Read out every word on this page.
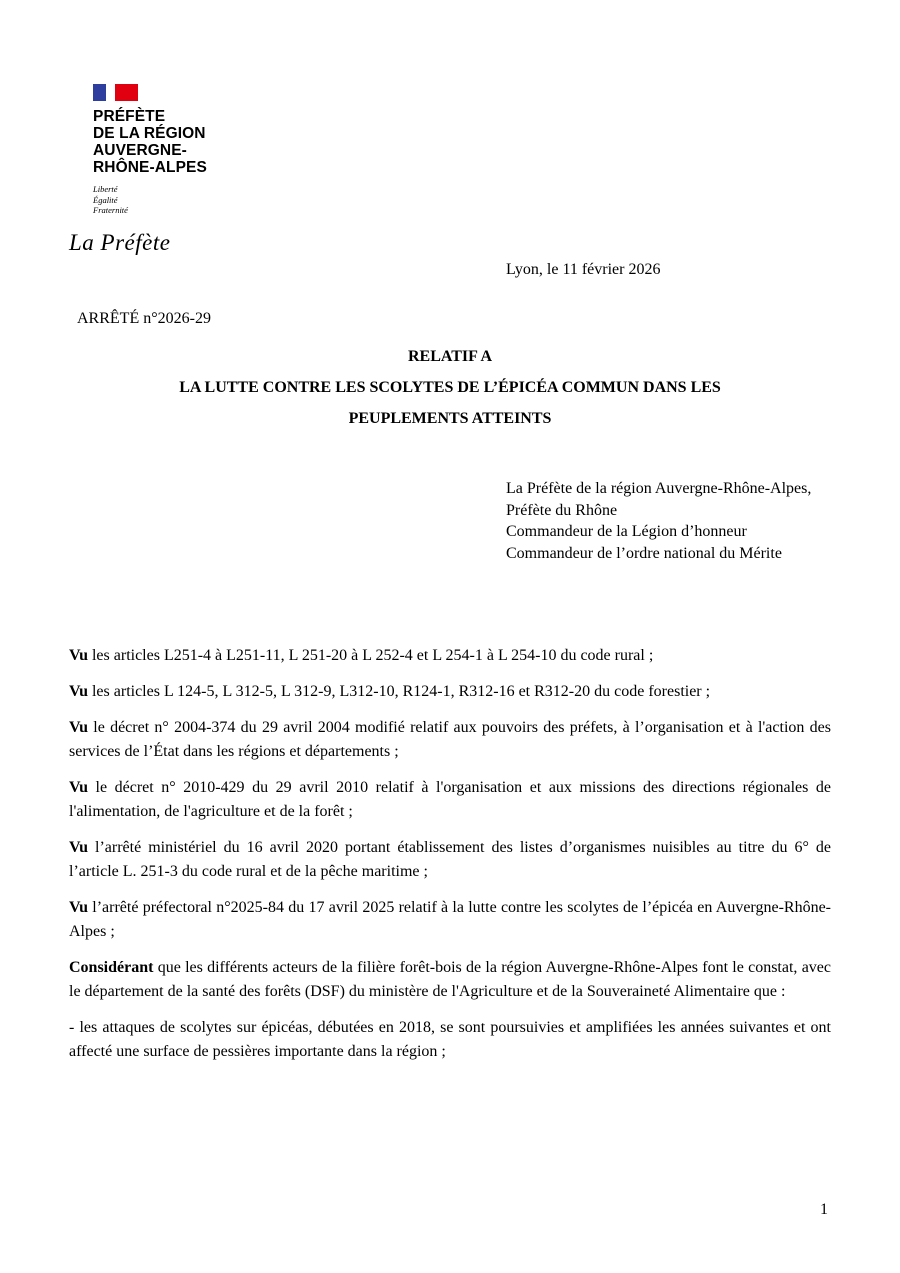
PRÉFÈTE
DE LA RÉGION
AUVERGNE-
RHÔNE-ALPES
Liberté
Égalité
Fraternité
La Préfète
Lyon, le 11 février 2026
ARRÊTÉ n°2026-29
RELATIF A
LA LUTTE CONTRE LES SCOLYTES DE L’ÉPICÉA COMMUN DANS LES
PEUPLEMENTS ATTEINTS
La Préfète de la région Auvergne-Rhône-Alpes,
Préfète du Rhône
Commandeur de la Légion d’honneur
Commandeur de l’ordre national du Mérite

Vu les articles L251-4 à L251-11, L 251-20 à L 252-4 et L 254-1 à L 254-10 du code rural ;

Vu les articles L 124-5, L 312-5, L 312-9, L312-10, R124-1, R312-16 et R312-20 du code forestier ;

Vu le décret n° 2004-374 du 29 avril 2004 modifié relatif aux pouvoirs des préfets, à l’organisation et à l'action des services de l’État dans les régions et départements ;

Vu le décret n° 2010-429 du 29 avril 2010 relatif à l'organisation et aux missions des directions régionales de l'alimentation, de l'agriculture et de la forêt ;

Vu l’arrêté ministériel du 16 avril 2020 portant établissement des listes d’organismes nuisibles au titre du 6° de l’article L. 251-3 du code rural et de la pêche maritime ;

Vu l’arrêté préfectoral n°2025-84 du 17 avril 2025 relatif à la lutte contre les scolytes de l’épicéa en Auvergne-Rhône-Alpes ;

Considérant que les différents acteurs de la filière forêt-bois de la région Auvergne-Rhône-Alpes font le constat, avec le département de la santé des forêts (DSF) du ministère de l'Agriculture et de la Souveraineté Alimentaire que :

- les attaques de scolytes sur épicéas, débutées en 2018, se sont poursuivies et amplifiées les années suivantes et ont affecté une surface de pessières importante dans la région ;

1
